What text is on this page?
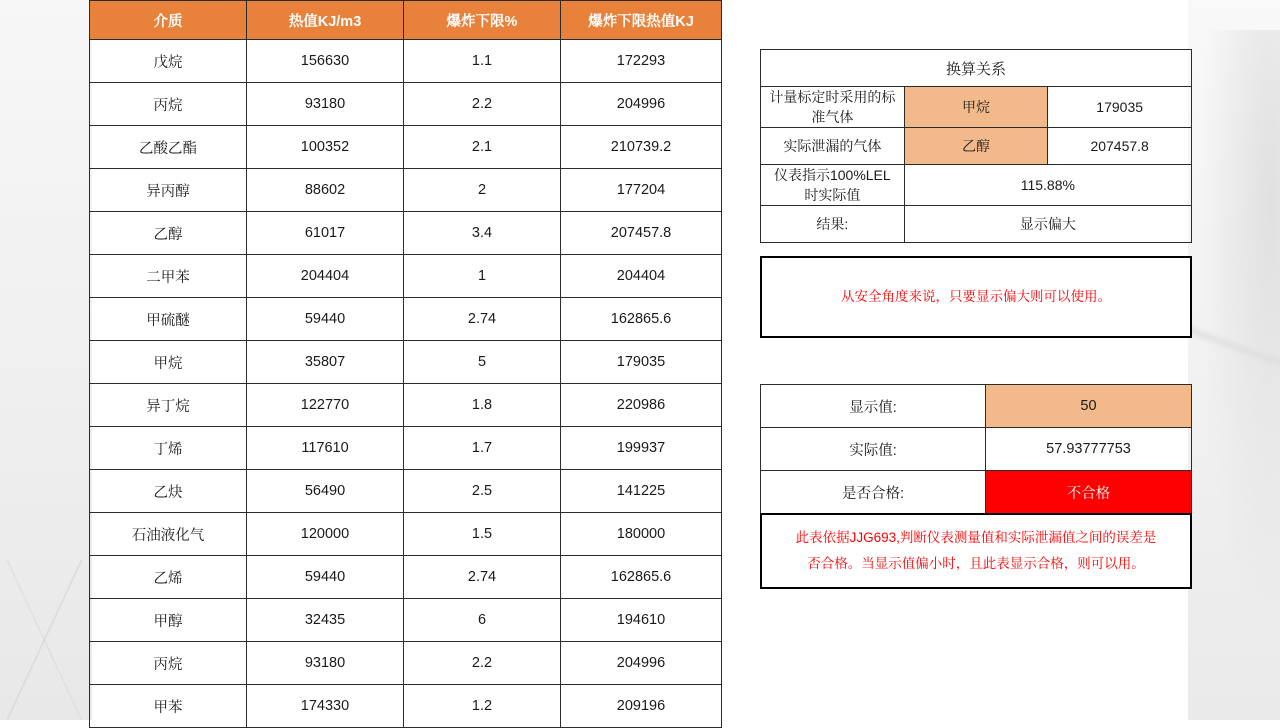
介质	热值KJ/m3	爆炸下限%	爆炸下限热值KJ
戊烷	156630	1.1	172293
丙烷	93180	2.2	204996
乙酸乙酯	100352	2.1	210739.2
异丙醇	88602	2	177204
乙醇	61017	3.4	207457.8
二甲苯	204404	1	204404
甲硫醚	59440	2.74	162865.6
甲烷	35807	5	179035
异丁烷	122770	1.8	220986
丁烯	117610	1.7	199937
乙炔	56490	2.5	141225
石油液化气	120000	1.5	180000
乙烯	59440	2.74	162865.6
甲醇	32435	6	194610
丙烷	93180	2.2	204996
甲苯	174330	1.2	209196
换算关系		
计量标定时采用的标准气体	甲烷	179035
实际泄漏的气体	乙醇	207457.8
仪表指示100%LEL时实际值	115.88%	
结果:	显示偏大	
从安全角度来说，只要显示偏大则可以使用。
显示值:	50
实际值:	57.93777753
是否合格:	不合格
此表依据JJG693,判断仪表测量值和实际泄漏值之间的误差是
否合格。当显示值偏小时，且此表显示合格，则可以用。
